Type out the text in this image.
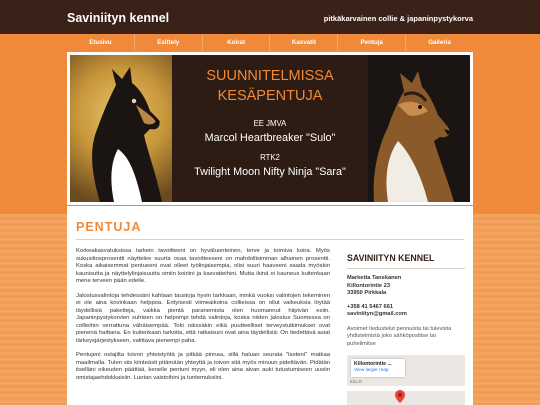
Saviniityn kennel	pitkäkarvainen collie & japaninpystykorva
Etusivu	Esittely	Koirat	Kasvatit	Pentuja	Galleria
SUUNNITELMISSA
KESÄPENTUJA
EE JMVA
Marcol Heartbreaker "Sulo"
RTK2
Twilight Moon Nifty Ninja "Sara"
PENTUJA

Korkeakasvatuksissa tarkein tavoitteeni on hyväluonteinen, terve ja toimiva koira. Myös sukusiitosprosentti näyttelee suurta osaa tavoitteeseni on mahdollisimman alhainen prosentti. Koska aikaisemmat pentueeni ovat olleet työlinjaisempia, olisi suuri haaveeni saada myöskin kaunisutta ja näyttelylinjaisuutta omiin koiriini ja kasvatteihini. Mutta ikinä ei kauneus kuitenkaan mene terveen pään edelle.

Jalostusvalintoja tehdessäni kahlaan taustoja hyvin tarkkaan, minkä vuoksi valintojen tekeminen ei ole aina kovinkaan helppoa. Erityisesti viimeaikoina collieissa on ollut vaikeuksia löytää täydellisiä paketteja, vaikka pientä paranemista olen huomannut hiipivän esiin. Japaninpystykorvien suhteen on helpompi tehdä valintoja, koska niiden jalostus Suomessa on collieihin verrattuna vähäisempää. Toki näissäkin eikä puutteelliset terveystutkimukset ovat pienenä haittana. En kuitenkaan tarkoita, että ratkaisuni ovat aina täydellisiä: On tiedettävä asiat tärkeysjärjestykseen, valittava pienempi paha.

Pentujeni ostajilta toivon yhteistyötä ja pitkää pinnaa, sillä haluan seurata "lasteni" matkaa maailmalla. Tulen siis kiinteästi pitämään yhteyttä ja toivon sitä myös minuun pidettävän. Pidätän itselläni oikeuden päättää, kenelle pentuni myyn, eli olen aina aivan auki tutustumiseen uusiin omistajaehdokkaisiin. Luotan vaistoihini ja tuntemuksiini.

SAVINIITYN KENNEL
Marketta Tanskanen
Killontorintie 23
33950 Pirkkala
+358 41 5467 661
saviniityn@gmail.com
Avoimet tiedustelut pennuista tai tulevista yhdistelmistä joko sähköpostitse tai puhelimitse
KILLO
Killontorintie ...
View larger map
